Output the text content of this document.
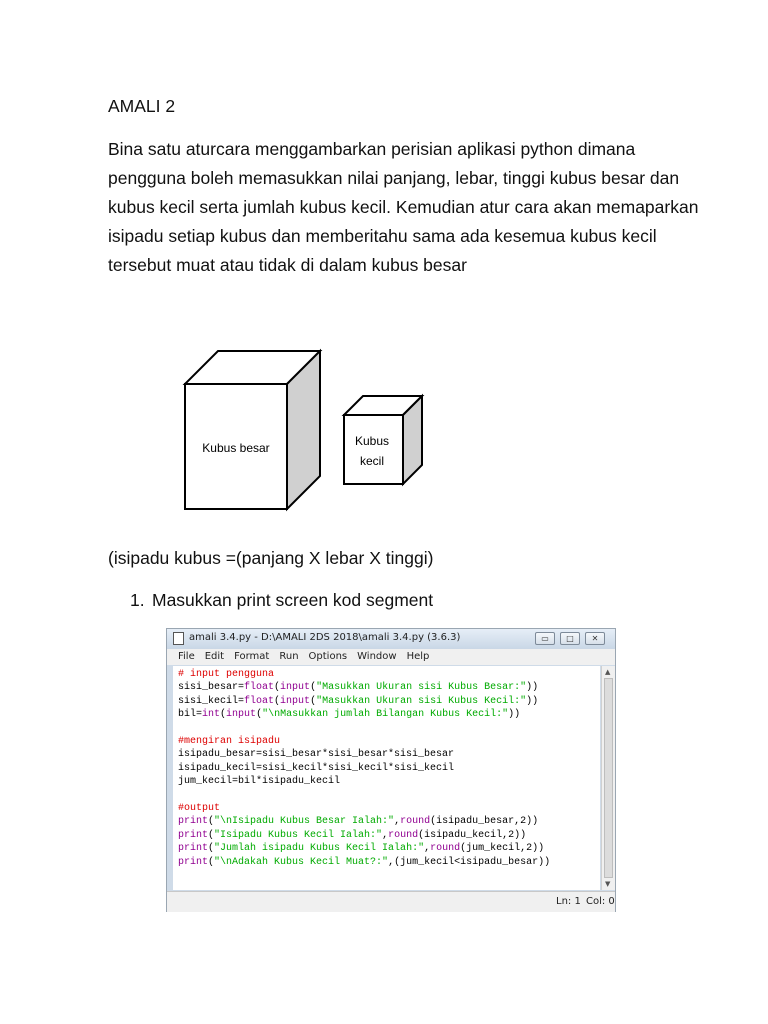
AMALI 2

Bina satu aturcara menggambarkan perisian aplikasi python dimana pengguna boleh memasukkan nilai panjang, lebar, tinggi kubus besar dan kubus kecil serta jumlah kubus kecil. Kemudian atur cara akan memaparkan isipadu setiap kubus dan memberitahu sama ada kesemua kubus kecil tersebut muat atau tidak di dalam kubus besar

Kubus besar	Kubus
kecil

(isipadu kubus =(panjang X lebar X tinggi)

1. Masukkan print screen kod segment

amali 3.4.py - D:\AMALI 2DS 2018\amali 3.4.py (3.6.3)	▭	□	✕
File Edit Format Run Options Window Help
# input pengguna
sisi_besar=float(input("Masukkan Ukuran sisi Kubus Besar:"))
sisi_kecil=float(input("Masukkan Ukuran sisi Kubus Kecil:"))
bil=int(input("\nMasukkan jumlah Bilangan Kubus Kecil:"))

#mengiran isipadu
isipadu_besar=sisi_besar*sisi_besar*sisi_besar
isipadu_kecil=sisi_kecil*sisi_kecil*sisi_kecil
jum_kecil=bil*isipadu_kecil

#output
print("\nIsipadu Kubus Besar Ialah:",round(isipadu_besar,2))
print("Isipadu Kubus Kecil Ialah:",round(isipadu_kecil,2))
print("Jumlah isipadu Kubus Kecil Ialah:",round(jum_kecil,2))
print("\nAdakah Kubus Kecil Muat?:",(jum_kecil<isipadu_besar))

▲
▼
Ln: 1 Col: 0
